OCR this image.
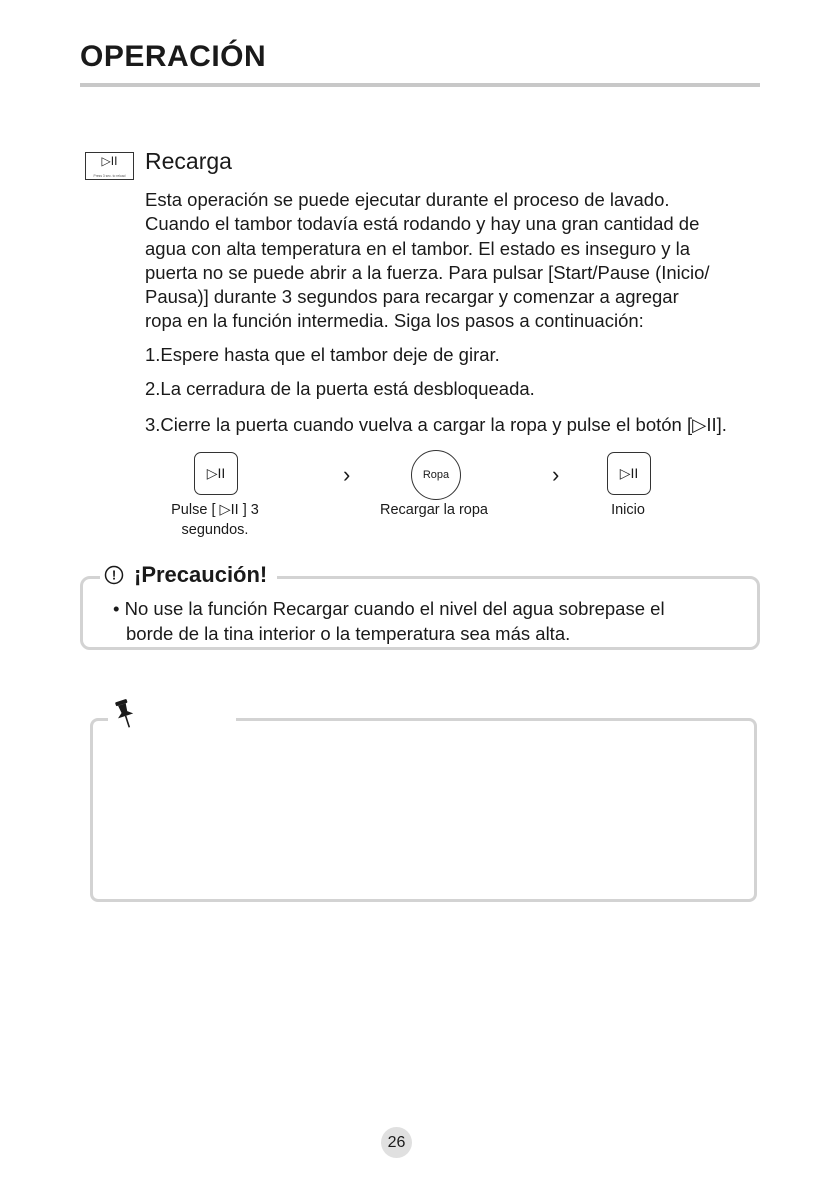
OPERACIÓN
▷II
Press 3 sec. to reload
Recarga
Esta operación se puede ejecutar durante el proceso de lavado.
Cuando el tambor todavía está rodando y hay una gran cantidad de
agua con alta temperatura en el tambor. El estado es inseguro y la
puerta no se puede abrir a la fuerza. Para pulsar [Start/Pause (Inicio/
Pausa)] durante 3 segundos para recargar y comenzar a agregar
ropa en la función intermedia. Siga los pasos a continuación:
1.Espere hasta que el tambor deje de girar.
2.La cerradura de la puerta está desbloqueada.
3.Cierre la puerta cuando vuelva a cargar la ropa y pulse el botón [▷II].
▷II	›	Ropa	›	▷II
Pulse [ ▷II ] 3
segundos.
Recargar la ropa	Inicio
! ¡Precaución!
• No use la función Recargar cuando el nivel del agua sobrepase el
borde de la tina interior o la temperatura sea más alta.
26
